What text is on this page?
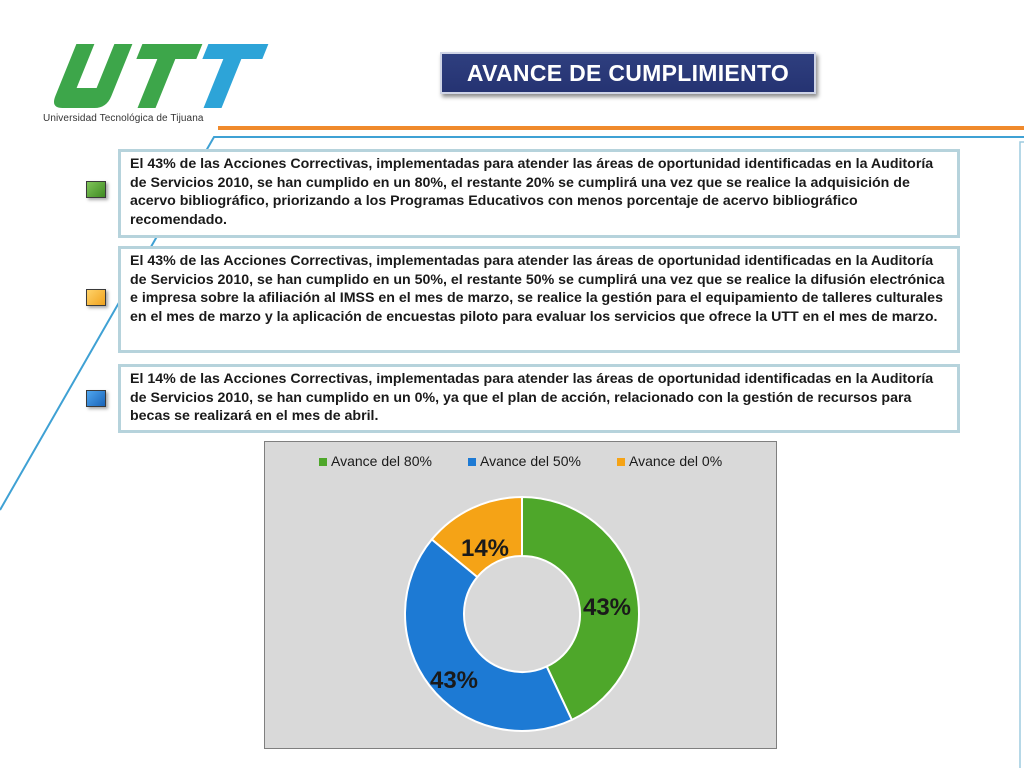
Universidad Tecnológica de Tijuana
AVANCE DE CUMPLIMIENTO
El 43% de las Acciones Correctivas, implementadas para atender las áreas de oportunidad identificadas en la Auditoría de Servicios 2010, se han cumplido en un 80%, el restante 20% se cumplirá una vez que se realice la adquisición de acervo bibliográfico, priorizando a los Programas Educativos con menos porcentaje de acervo bibliográfico recomendado.
El 43% de las Acciones Correctivas, implementadas para atender las áreas de oportunidad identificadas en la Auditoría de Servicios 2010, se han cumplido en un 50%, el restante 50% se cumplirá una vez que se realice la difusión electrónica e impresa sobre la afiliación al IMSS en el mes de marzo, se realice la gestión para el equipamiento de talleres culturales en el mes de marzo y la aplicación de encuestas piloto para evaluar los servicios que ofrece la UTT en el mes de marzo.
El 14% de las Acciones Correctivas, implementadas para atender las áreas de oportunidad identificadas en la Auditoría de Servicios 2010, se han cumplido en un 0%, ya que el plan de acción, relacionado con la gestión de recursos para becas se realizará en el mes de abril.
Avance del 80%	Avance del 50%	Avance del 0%
43%
43%
14%
